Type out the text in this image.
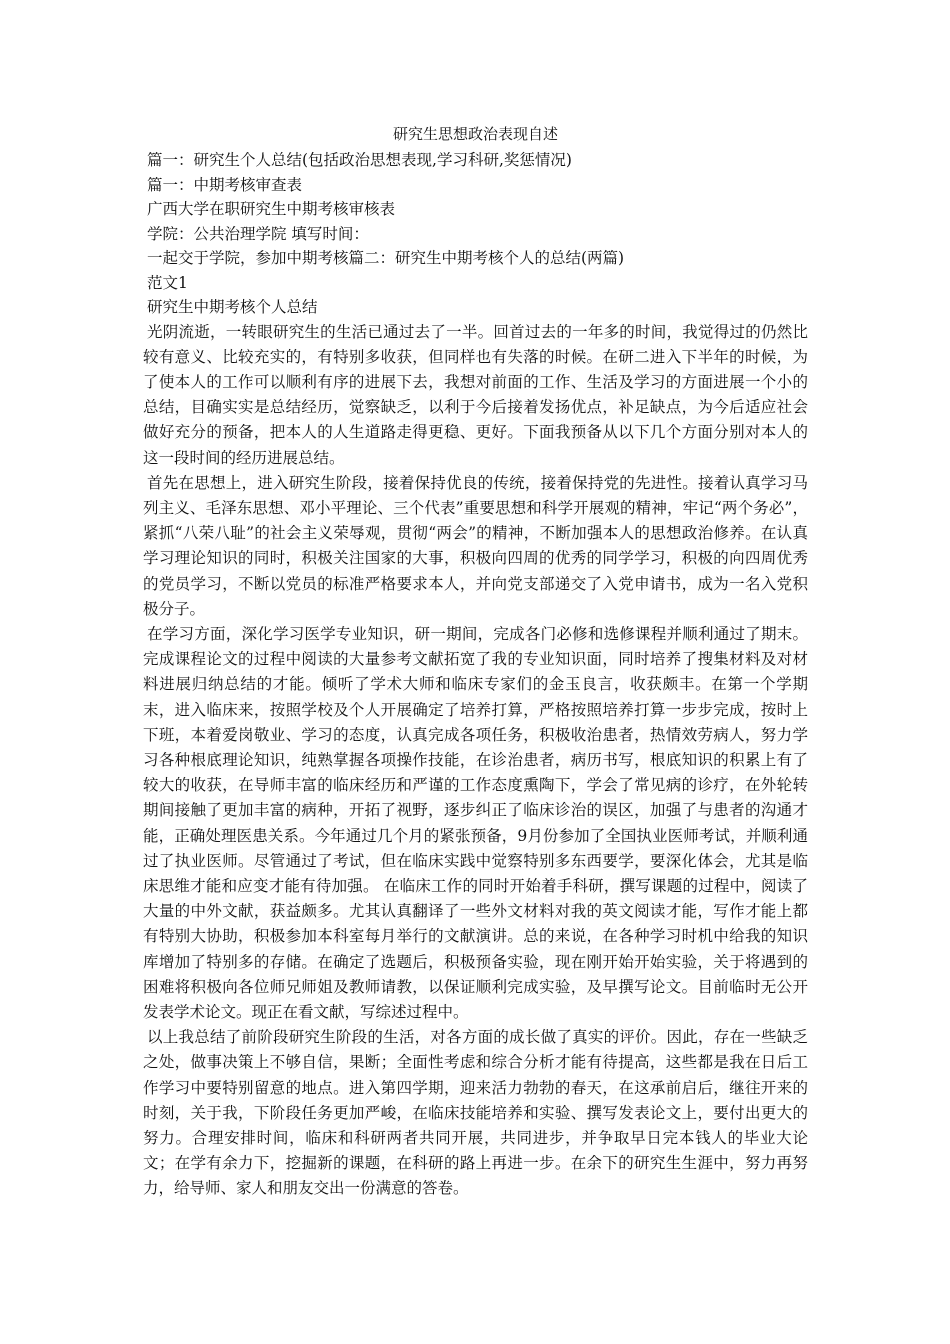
研究生思想政治表现自述
篇一：研究生个人总结(包括政治思想表现,学习科研,奖惩情况)
篇一：中期考核审查表
广西大学在职研究生中期考核审核表
学院：公共治理学院 填写时间：
一起交于学院，参加中期考核篇二：研究生中期考核个人的总结(两篇)
范文1
研究生中期考核个人总结

光阴流逝，一转眼研究生的生活已通过去了一半。回首过去的一年多的时间，我觉得过的仍然比较有意义、比较充实的，有特别多收获，但同样也有失落的时候。在研二进入下半年的时候，为了使本人的工作可以顺利有序的进展下去，我想对前面的工作、生活及学习的方面进展一个小的总结，目确实实是总结经历，觉察缺乏，以利于今后接着发扬优点，补足缺点，为今后适应社会做好充分的预备，把本人的人生道路走得更稳、更好。下面我预备从以下几个方面分别对本人的这一段时间的经历进展总结。

首先在思想上，进入研究生阶段，接着保持优良的传统，接着保持党的先进性。接着认真学习马列主义、毛泽东思想、邓小平理论、三个代表”重要思想和科学开展观的精神，牢记“两个务必”， 紧抓“八荣八耻”的社会主义荣辱观，贯彻“两会”的精神，不断加强本人的思想政治修养。在认真学习理论知识的同时，积极关注国家的大事，积极向四周的优秀的同学学习，积极的向四周优秀的党员学习，不断以党员的标准严格要求本人，并向党支部递交了入党申请书，成为一名入党积极分子。

在学习方面，深化学习医学专业知识，研一期间，完成各门必修和选修课程并顺利通过了期末。完成课程论文的过程中阅读的大量参考文献拓宽了我的专业知识面，同时培养了搜集材料及对材料进展归纳总结的才能。倾听了学术大师和临床专家们的金玉良言，收获颇丰。在第一个学期末，进入临床来，按照学校及个人开展确定了培养打算，严格按照培养打算一步步完成，按时上下班，本着爱岗敬业、学习的态度，认真完成各项任务，积极收治患者，热情效劳病人，努力学习各种根底理论知识，纯熟掌握各项操作技能，在诊治患者，病历书写，根底知识的积累上有了较大的收获，在导师丰富的临床经历和严谨的工作态度熏陶下，学会了常见病的诊疗，在外轮转期间接触了更加丰富的病种，开拓了视野，逐步纠正了临床诊治的误区，加强了与患者的沟通才能，正确处理医患关系。今年通过几个月的紧张预备，9月份参加了全国执业医师考试，并顺利通过了执业医师。尽管通过了考试，但在临床实践中觉察特别多东西要学，要深化体会，尤其是临床思维才能和应变才能有待加强。 在临床工作的同时开始着手科研，撰写课题的过程中，阅读了大量的中外文献，获益颇多。尤其认真翻译了一些外文材料对我的英文阅读才能，写作才能上都有特别大协助，积极参加本科室每月举行的文献演讲。总的来说，在各种学习时机中给我的知识库增加了特别多的存储。在确定了选题后，积极预备实验，现在刚开始开始实验，关于将遇到的困难将积极向各位师兄师姐及教师请教，以保证顺利完成实验，及早撰写论文。目前临时无公开发表学术论文。现正在看文献，写综述过程中。

以上我总结了前阶段研究生阶段的生活，对各方面的成长做了真实的评价。因此，存在一些缺乏之处，做事决策上不够自信，果断；全面性考虑和综合分析才能有待提高，这些都是我在日后工作学习中要特别留意的地点。进入第四学期，迎来活力勃勃的春天，在这承前启后，继往开来的时刻，关于我，下阶段任务更加严峻，在临床技能培养和实验、撰写发表论文上，要付出更大的努力。合理安排时间，临床和科研两者共同开展，共同进步，并争取早日完本钱人的毕业大论文；在学有余力下，挖掘新的课题，在科研的路上再进一步。在余下的研究生生涯中，努力再努力，给导师、家人和朋友交出一份满意的答卷。
